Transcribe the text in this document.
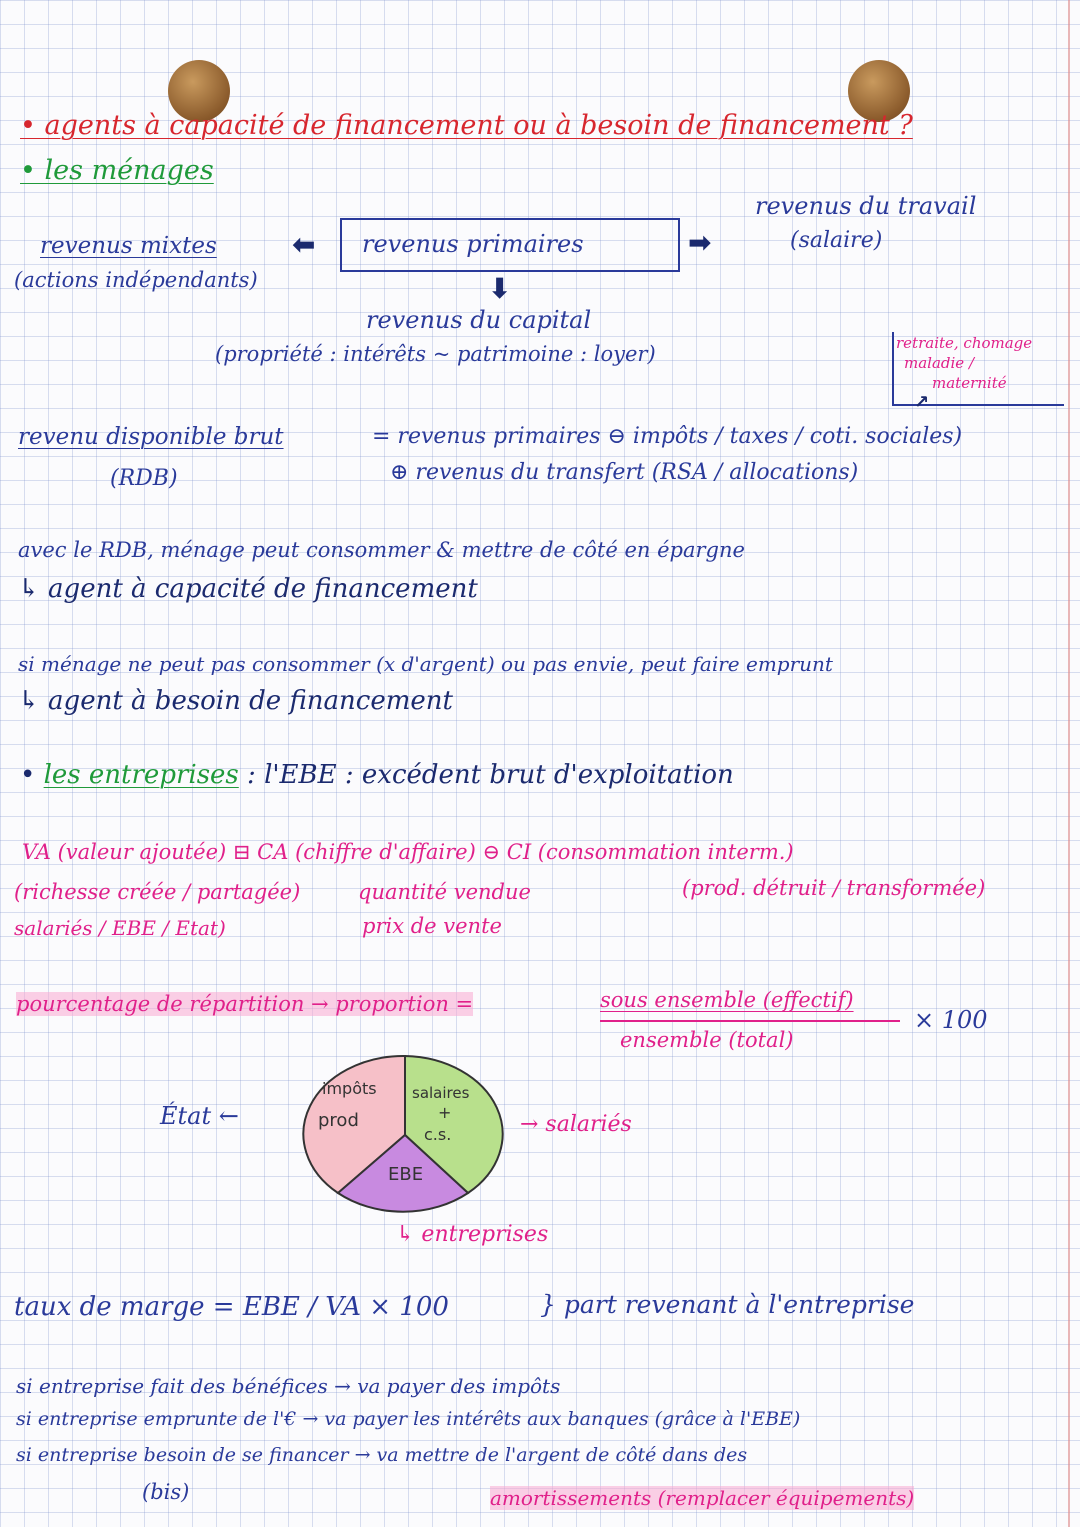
• agents à capacité de financement ou à besoin de financement ?
• les ménages
revenus du travail
(salaire)
revenus mixtes
(actions indépendants)
⬅ revenus primaires	➡
⬇
revenus du capital
(propriété : intérêts ~ patrimoine : loyer)	retraite, chomage
maladie /
maternité
↗
revenu disponible brut
(RDB)
= revenus primaires ⊖ impôts / taxes / coti. sociales)
⊕ revenus du transfert (RSA / allocations)
avec le RDB, ménage peut consommer & mettre de côté en épargne
↳ agent à capacité de financement
si ménage ne peut pas consommer (x d'argent) ou pas envie, peut faire emprunt
↳ agent à besoin de financement
• les entreprises : l'EBE : excédent brut d'exploitation
VA (valeur ajoutée) ⊟ CA (chiffre d'affaire) ⊖ CI (consommation interm.)
(richesse créée / partagée)
salariés / EBE / Etat)
quantité vendue
prix de vente
(prod. détruit / transformée)
pourcentage de répartition → proportion =	sous ensemble (effectif)
ensemble (total)
× 100
État ←
impôts
prod
salaires
+
c.s.
EBE
→ salariés
↳ entreprises
taux de marge = EBE / VA × 100	} part revenant à l'entreprise
si entreprise fait des bénéfices → va payer des impôts
si entreprise emprunte de l'€ → va payer les intérêts aux banques (grâce à l'EBE)
si entreprise besoin de se financer → va mettre de l'argent de côté dans des
(bis)	amortissements (remplacer équipements)
